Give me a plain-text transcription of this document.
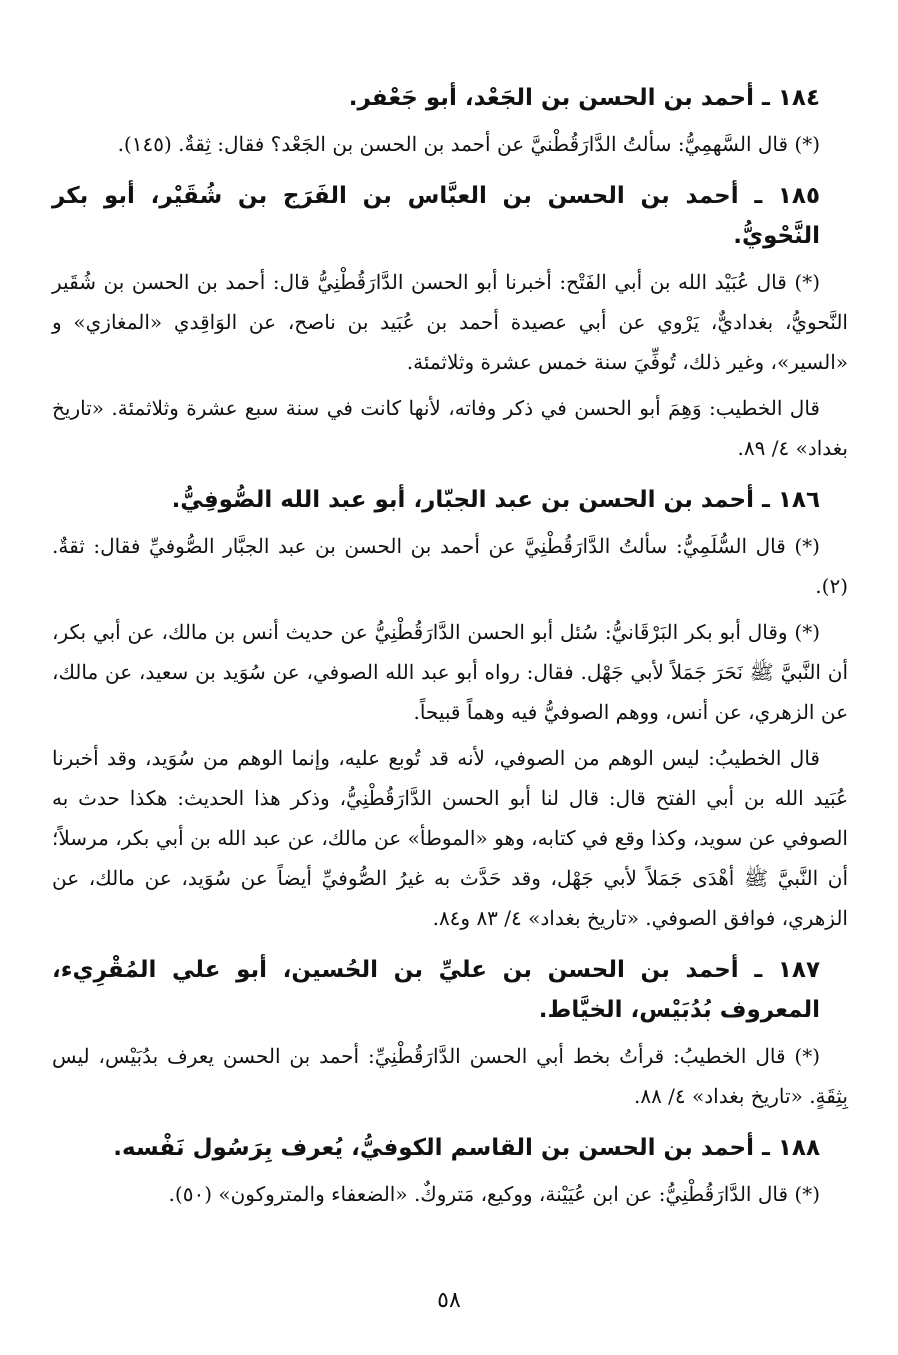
١٨٤ ـ أحمد بن الحسن بن الجَعْد، أبو جَعْفر.
(*) قال السَّهمِيُّ: سألتُ الدَّارَقُطْنيَّ عن أحمد بن الحسن بن الجَعْد؟ فقال: ثِقةٌ. (١٤٥).
١٨٥ ـ أحمد بن الحسن بن العبَّاس بن الفَرَج بن شُقَيْر، أبو بكر النَّحْويُّ.
(*) قال عُبَيْد الله بن أبي الفَتْح: أخبرنا أبو الحسن الدَّارَقُطْنِيُّ قال: أحمد بن الحسن بن شُقَير النَّحويُّ، بغداديٌّ، يَرْوي عن أبي عصيدة أحمد بن عُبَيد بن ناصح، عن الوَاقِدي «المغازي» و «السير»، وغير ذلك، تُوفِّيَ سنة خمس عشرة وثلاثمئة.
قال الخطيب: وَهِمَ أبو الحسن في ذكر وفاته، لأنها كانت في سنة سبع عشرة وثلاثمئة. «تاريخ بغداد» ٤/ ٨٩.
١٨٦ ـ أحمد بن الحسن بن عبد الجبّار، أبو عبد الله الصُّوفِيُّ.
(*) قال السُّلَمِيُّ: سألتُ الدَّارَقُطْنِيَّ عن أحمد بن الحسن بن عبد الجبَّار الصُّوفيِّ فقال: ثقةٌ. (٢).
(*) وقال أبو بكر البَرْقَانيُّ: سُئل أبو الحسن الدَّارَقُطْنِيُّ عن حديث أنس بن مالك، عن أبي بكر، أن النَّبيَّ ﷺ نَحَرَ جَمَلاً لأبي جَهْل. فقال: رواه أبو عبد الله الصوفي، عن سُوَيد بن سعيد، عن مالك، عن الزهري، عن أنس، ووهم الصوفيُّ فيه وهماً قبيحاً.
قال الخطيبُ: ليس الوهم من الصوفي، لأنه قد تُوبع عليه، وإنما الوهم من سُوَيد، وقد أخبرنا عُبَيد الله بن أبي الفتح قال: قال لنا أبو الحسن الدَّارَقُطْنِيُّ، وذكر هذا الحديث: هكذا حدث به الصوفي عن سويد، وكذا وقع في كتابه، وهو «الموطأ» عن مالك، عن عبد الله بن أبي بكر، مرسلاً؛ أن النَّبيَّ ﷺ أهْدَى جَمَلاً لأبي جَهْل، وقد حَدَّث به غيرُ الصُّوفيِّ أيضاً عن سُوَيد، عن مالك، عن الزهري، فوافق الصوفي. «تاريخ بغداد» ٤/ ٨٣ و٨٤.
١٨٧ ـ أحمد بن الحسن بن عليِّ بن الحُسين، أبو علي المُقْرِيء، المعروف بُدُبَيْس، الخيَّاط.
(*) قال الخطيبُ: قرأتُ بخط أبي الحسن الدَّارَقُطْنِيِّ: أحمد بن الحسن يعرف بدُبَيْس، ليس بِثِقَةٍ. «تاريخ بغداد» ٤/ ٨٨.
١٨٨ ـ أحمد بن الحسن بن القاسم الكوفيُّ، يُعرف بِرَسُول نَفْسه.
(*) قال الدَّارَقُطْنِيُّ: عن ابن عُيَيْنة، ووكيع، مَتروكٌ. «الضعفاء والمتروكون» (٥٠).
٥٨
